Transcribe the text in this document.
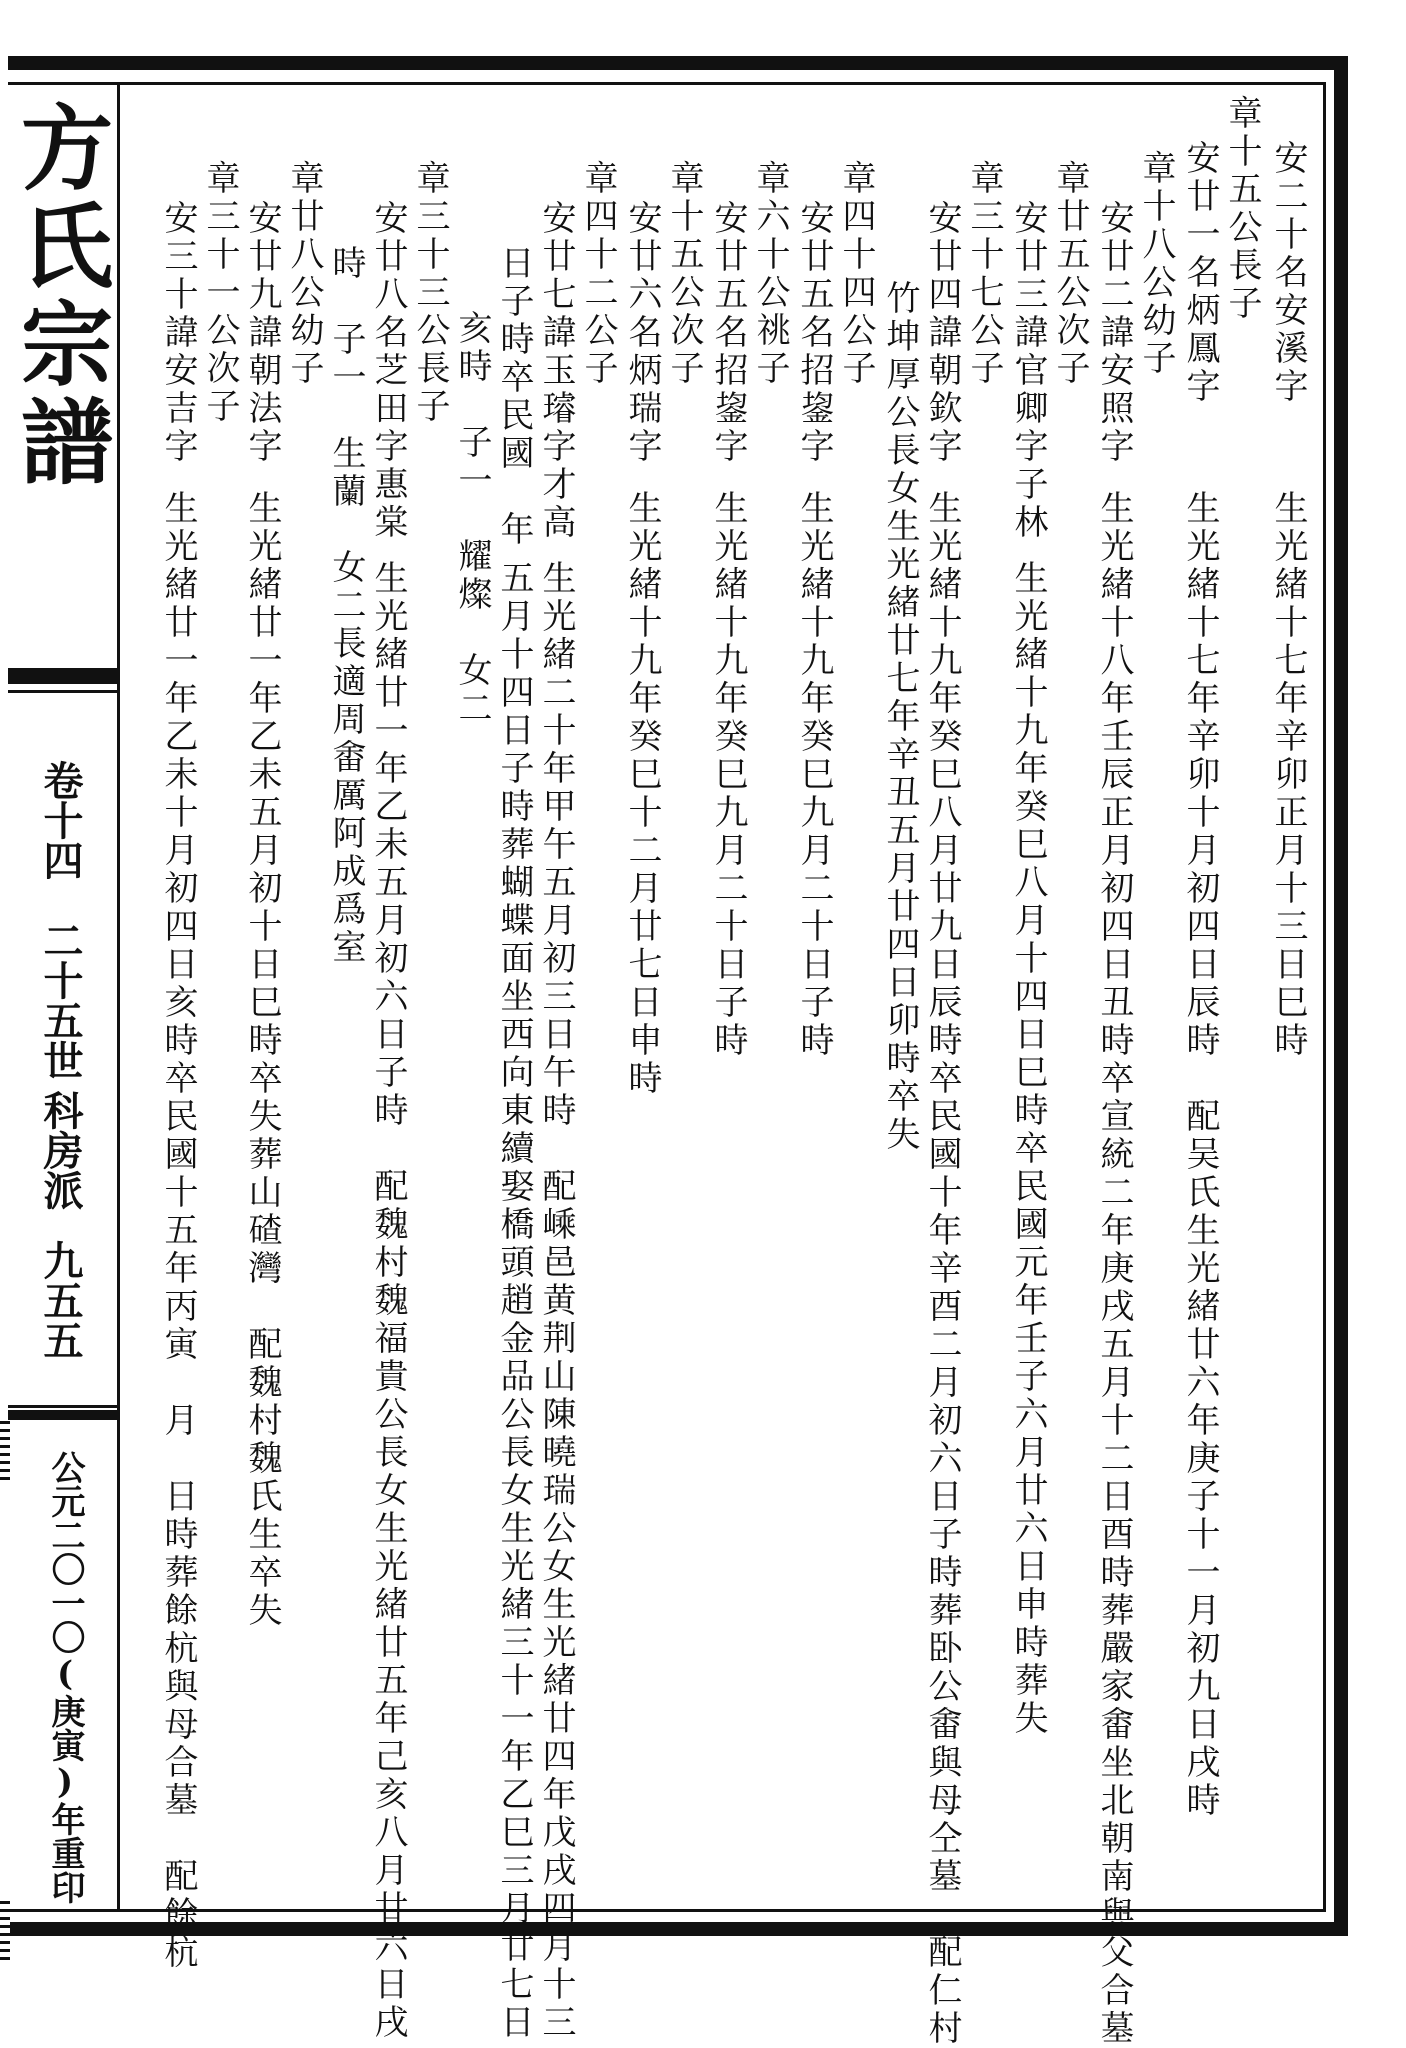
方氏宗譜
卷十四
二十五世
科房派
九五五
公元二〇一〇(庚寅)年重印
安二十名安溪字
生光緒十七年辛卯正月十三日巳時
章十五公長子
安廿一名炳鳳字
生光緒十七年辛卯十月初四日辰時　配吴氏生光緒廿六年庚子十一月初九日戌時
章十八公幼子
安廿二諱安照字
生光緒十八年壬辰正月初四日丑時卒宣統二年庚戌五月十二日酉時葬嚴家畬坐北朝南與父合墓
章廿五公次子
安廿三諱官卿字子林
生光緒十九年癸巳八月十四日巳時卒民國元年壬子六月廿六日申時葬失
章三十七公子
安廿四諱朝欽字
生光緒十九年癸巳八月廿九日辰時卒民國十年辛酉二月初六日子時葬卧公畬與母仝墓　配仁村
竹坤厚公長女生光緒廿七年辛丑五月廿四日卯時卒失
章四十四公子
安廿五名招鋆字
生光緒十九年癸巳九月二十日子時
章六十公祧子
安廿五名招鋆字
生光緒十九年癸巳九月二十日子時
章十五公次子
安廿六名炳瑞字
生光緒十九年癸巳十二月廿七日申時
章四十二公子
安廿七諱玉璿字才高
生光緒二十年甲午五月初三日午時　配嵊邑黄荆山陳曉瑞公女生光緒廿四年戊戌四月十三
日子時卒民國　年
五月十四日子時葬蝴蝶面坐西向東續娶橋頭趙金品公長女生光緒三十一年乙巳三月廿七日
亥時　子一　耀燦　女二
章三十三公長子
安廿八名芝田字惠棠
生光緒廿一年乙未五月初六日子時　配魏村魏福貴公長女生光緒廿五年己亥八月廿六日戌
時　子一　生蘭　女二長適周畬厲阿成爲室
章廿八公幼子
安廿九諱朝法字
生光緒廿一年乙未五月初十日巳時卒失葬山碴灣　配魏村魏氏生卒失
章三十一公次子
安三十諱安吉字
生光緒廿一年乙未十月初四日亥時卒民國十五年丙寅　月　日時葬餘杭與母合墓　配餘杭
